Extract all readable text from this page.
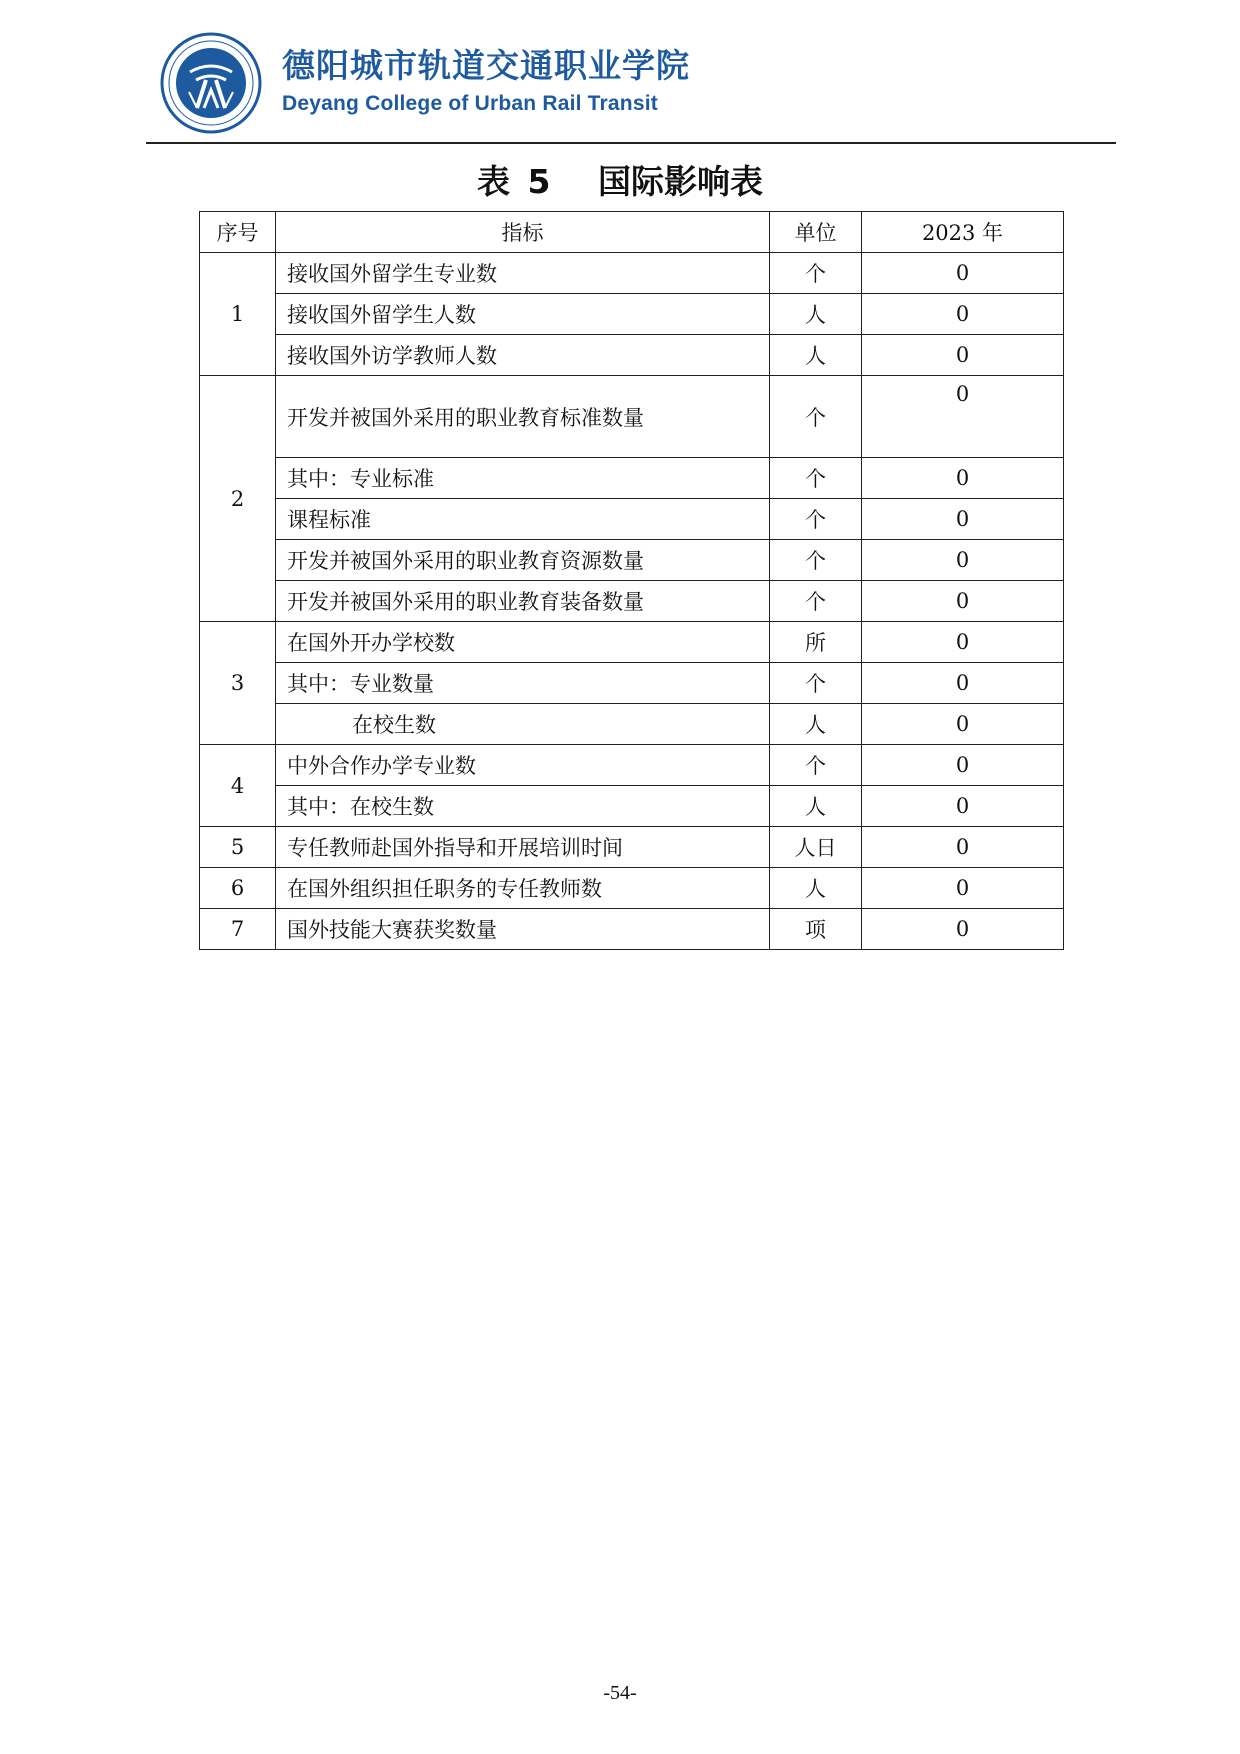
德阳城市轨道交通职业学院
Deyang College of Urban Rail Transit
表 5 国际影响表
序号	指标	单位	2023 年
1	接收国外留学生专业数	个	0
	接收国外留学生人数	人	0
	接收国外访学教师人数	人	0
2	开发并被国外采用的职业教育标准数量	个	0
	其中：专业标准	个	0
	课程标准	个	0
	开发并被国外采用的职业教育资源数量	个	0
	开发并被国外采用的职业教育装备数量	个	0
3	在国外开办学校数	所	0
	其中：专业数量	个	0
	在校生数	人	0
4	中外合作办学专业数	个	0
	其中：在校生数	人	0
5	专任教师赴国外指导和开展培训时间	人日	0
6	在国外组织担任职务的专任教师数	人	0
7	国外技能大赛获奖数量	项	0
-54-
